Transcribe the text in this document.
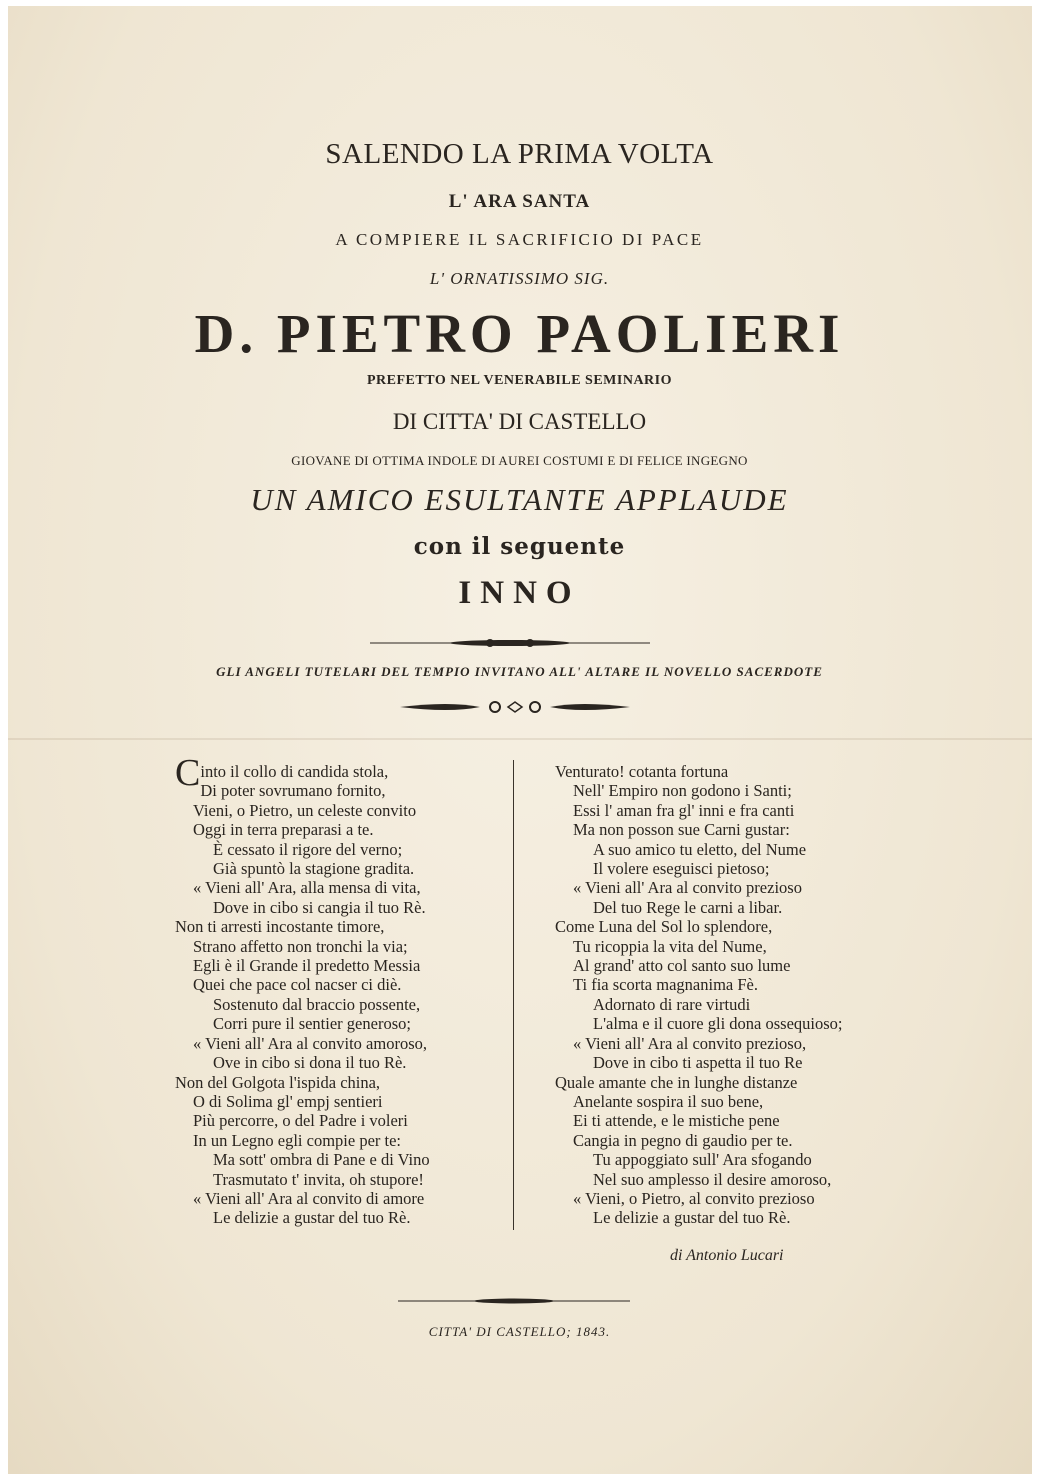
SALENDO LA PRIMA VOLTA
L' ARA SANTA
A COMPIERE IL SACRIFICIO DI PACE
L' ORNATISSIMO SIG.
D. PIETRO PAOLIERI
PREFETTO NEL VENERABILE SEMINARIO
DI CITTA' DI CASTELLO
GIOVANE DI OTTIMA INDOLE DI AUREI COSTUMI E DI FELICE INGEGNO
UN AMICO ESULTANTE APPLAUDE
con il seguente
INNO
GLI ANGELI TUTELARI DEL TEMPIO INVITANO ALL' ALTARE IL NOVELLO SACERDOTE
Cinto il collo di candida stola,
Di poter sovrumano fornito,
Vieni, o Pietro, un celeste convito
Oggi in terra preparasi a te.
È cessato il rigore del verno;
Già spuntò la stagione gradita.
« Vieni all' Ara, alla mensa di vita,
Dove in cibo si cangia il tuo Rè.
Non ti arresti incostante timore,
Strano affetto non tronchi la via;
Egli è il Grande il predetto Messia
Quei che pace col nacser ci diè.
Sostenuto dal braccio possente,
Corri pure il sentier generoso;
« Vieni all' Ara al convito amoroso,
Ove in cibo si dona il tuo Rè.
Non del Golgota l'ispida china,
O di Solima gl' empj sentieri
Più percorre, o del Padre i voleri
In un Legno egli compie per te:
Ma sott' ombra di Pane e di Vino
Trasmutato t' invita, oh stupore!
« Vieni all' Ara al convito di amore
Le delizie a gustar del tuo Rè.
Venturato! cotanta fortuna
Nell' Empiro non godono i Santi;
Essi l' aman fra gl' inni e fra canti
Ma non posson sue Carni gustar:
A suo amico tu eletto, del Nume
Il volere eseguisci pietoso;
« Vieni all' Ara al convito prezioso
Del tuo Rege le carni a libar.
Come Luna del Sol lo splendore,
Tu ricoppia la vita del Nume,
Al grand' atto col santo suo lume
Ti fia scorta magnanima Fè.
Adornato di rare virtudi
L'alma e il cuore gli dona ossequioso;
« Vieni all' Ara al convito prezioso,
Dove in cibo ti aspetta il tuo Re
Quale amante che in lunghe distanze
Anelante sospira il suo bene,
Ei ti attende, e le mistiche pene
Cangia in pegno di gaudio per te.
Tu appoggiato sull' Ara sfogando
Nel suo amplesso il desire amoroso,
« Vieni, o Pietro, al convito prezioso
Le delizie a gustar del tuo Rè.
di Antonio Lucari
CITTA' DI CASTELLO; 1843.
